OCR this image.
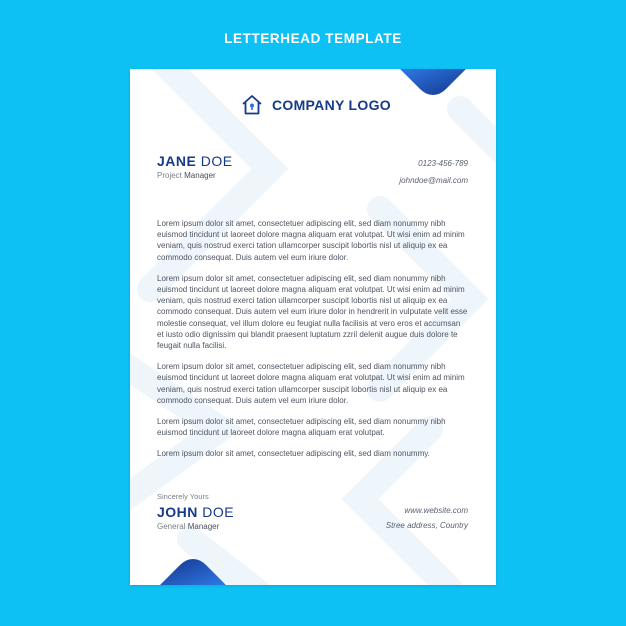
LETTERHEAD TEMPLATE
COMPANY LOGO
JANE DOE
Project Manager
0123-456-789
johndoe@mail.com

Lorem ipsum dolor sit amet, consectetuer adipiscing elit, sed diam nonummy nibh euismod tincidunt ut laoreet dolore magna aliquam erat volutpat. Ut wisi enim ad minim veniam, quis nostrud exerci tation ullamcorper suscipit lobortis nisl ut aliquip ex ea commodo consequat. Duis autem vel eum iriure dolor.

Lorem ipsum dolor sit amet, consectetuer adipiscing elit, sed diam nonummy nibh euismod tincidunt ut laoreet dolore magna aliquam erat volutpat. Ut wisi enim ad minim veniam, quis nostrud exerci tation ullamcorper suscipit lobortis nisl ut aliquip ex ea commodo consequat. Duis autem vel eum iriure dolor in hendrerit in vulputate velit esse molestie consequat, vel illum dolore eu feugiat nulla facilisis at vero eros et accumsan et iusto odio dignissim qui blandit praesent luptatum zzril delenit augue duis dolore te feugait nulla facilisi.

Lorem ipsum dolor sit amet, consectetuer adipiscing elit, sed diam nonummy nibh euismod tincidunt ut laoreet dolore magna aliquam erat volutpat. Ut wisi enim ad minim veniam, quis nostrud exerci tation ullamcorper suscipit lobortis nisl ut aliquip ex ea commodo consequat. Duis autem vel eum iriure dolor.

Lorem ipsum dolor sit amet, consectetuer adipiscing elit, sed diam nonummy nibh euismod tincidunt ut laoreet dolore magna aliquam erat volutpat.

Lorem ipsum dolor sit amet, consectetuer adipiscing elit, sed diam nonummy.

Sincerely Yours
JOHN DOE
General Manager
www.website.com
Stree address, Country
